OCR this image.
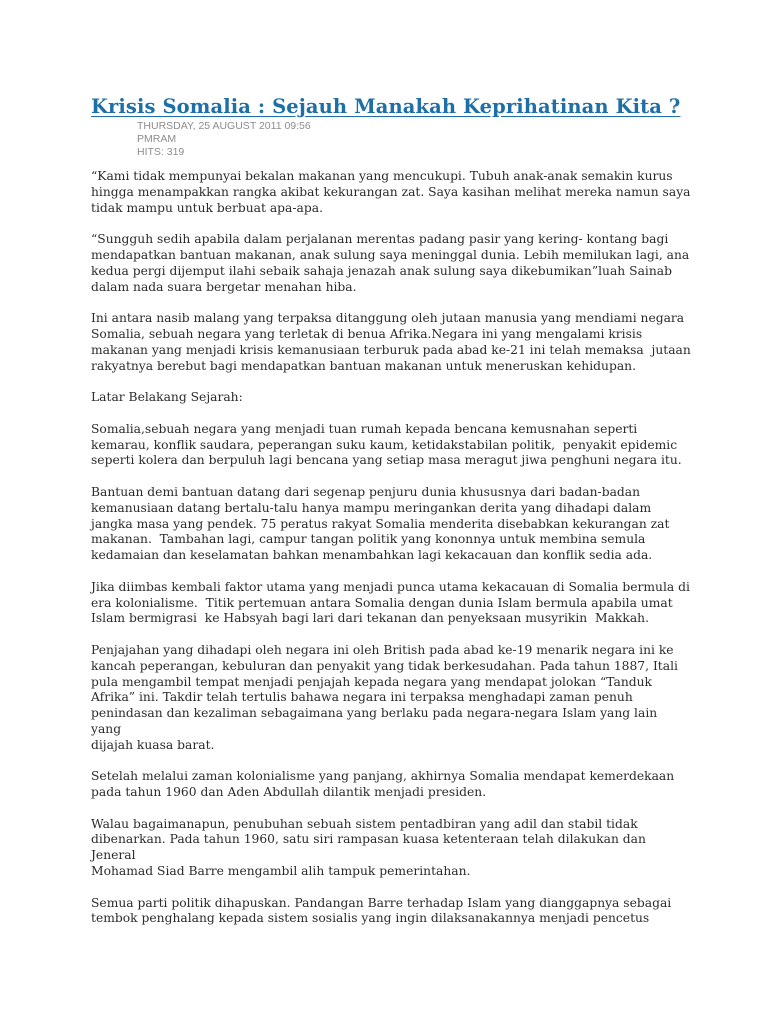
Krisis Somalia : Sejauh Manakah Keprihatinan Kita ?
THURSDAY, 25 AUGUST 2011 09:56
PMRAM
HITS: 319

“Kami tidak mempunyai bekalan makanan yang mencukupi. Tubuh anak-anak semakin kurus
hingga menampakkan rangka akibat kekurangan zat. Saya kasihan melihat mereka namun saya
tidak mampu untuk berbuat apa-apa.

“Sungguh sedih apabila dalam perjalanan merentas padang pasir yang kering- kontang bagi
mendapatkan bantuan makanan, anak sulung saya meninggal dunia. Lebih memilukan lagi, ana
kedua pergi dijemput ilahi sebaik sahaja jenazah anak sulung saya dikebumikan”luah Sainab
dalam nada suara bergetar menahan hiba.

Ini antara nasib malang yang terpaksa ditanggung oleh jutaan manusia yang mendiami negara
Somalia, sebuah negara yang terletak di benua Afrika.Negara ini yang mengalami krisis
makanan yang menjadi krisis kemanusiaan terburuk pada abad ke-21 ini telah memaksa  jutaan
rakyatnya berebut bagi mendapatkan bantuan makanan untuk meneruskan kehidupan.

Latar Belakang Sejarah:

Somalia,sebuah negara yang menjadi tuan rumah kepada bencana kemusnahan seperti
kemarau, konflik saudara, peperangan suku kaum, ketidakstabilan politik,  penyakit epidemic
seperti kolera dan berpuluh lagi bencana yang setiap masa meragut jiwa penghuni negara itu.

Bantuan demi bantuan datang dari segenap penjuru dunia khususnya dari badan-badan
kemanusiaan datang bertalu-talu hanya mampu meringankan derita yang dihadapi dalam
jangka masa yang pendek. 75 peratus rakyat Somalia menderita disebabkan kekurangan zat
makanan.  Tambahan lagi, campur tangan politik yang kononnya untuk membina semula
kedamaian dan keselamatan bahkan menambahkan lagi kekacauan dan konflik sedia ada.

Jika diimbas kembali faktor utama yang menjadi punca utama kekacauan di Somalia bermula di
era kolonialisme.  Titik pertemuan antara Somalia dengan dunia Islam bermula apabila umat
Islam bermigrasi  ke Habsyah bagi lari dari tekanan dan penyeksaan musyrikin  Makkah.

Penjajahan yang dihadapi oleh negara ini oleh British pada abad ke-19 menarik negara ini ke
kancah peperangan, kebuluran dan penyakit yang tidak berkesudahan. Pada tahun 1887, Itali
pula mengambil tempat menjadi penjajah kepada negara yang mendapat jolokan “Tanduk
Afrika” ini. Takdir telah tertulis bahawa negara ini terpaksa menghadapi zaman penuh
penindasan dan kezaliman sebagaimana yang berlaku pada negara-negara Islam yang lain yang
dijajah kuasa barat.

Setelah melalui zaman kolonialisme yang panjang, akhirnya Somalia mendapat kemerdekaan
pada tahun 1960 dan Aden Abdullah dilantik menjadi presiden.

Walau bagaimanapun, penubuhan sebuah sistem pentadbiran yang adil dan stabil tidak
dibenarkan. Pada tahun 1960, satu siri rampasan kuasa ketenteraan telah dilakukan dan Jeneral
Mohamad Siad Barre mengambil alih tampuk pemerintahan.

Semua parti politik dihapuskan. Pandangan Barre terhadap Islam yang dianggapnya sebagai
tembok penghalang kepada sistem sosialis yang ingin dilaksanakannya menjadi pencetus
